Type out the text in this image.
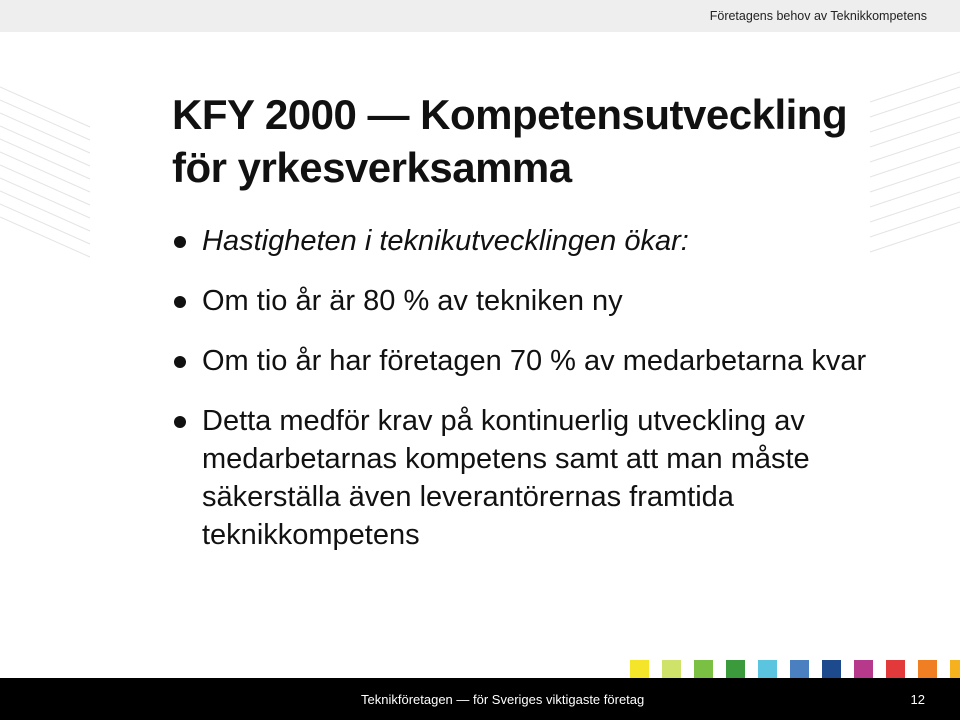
Företagens behov av Teknikkompetens
KFY 2000 — Kompetensutveckling för yrkesverksamma
Hastigheten i teknikutvecklingen ökar:
Om tio år är 80 % av tekniken ny
Om tio år har företagen 70 % av medarbetarna kvar
Detta medför krav på kontinuerlig utveckling av medarbetarnas kompetens samt att man måste säkerställa även leverantörernas framtida teknikkompetens
Teknikföretagen — för Sveriges viktigaste företag	12
